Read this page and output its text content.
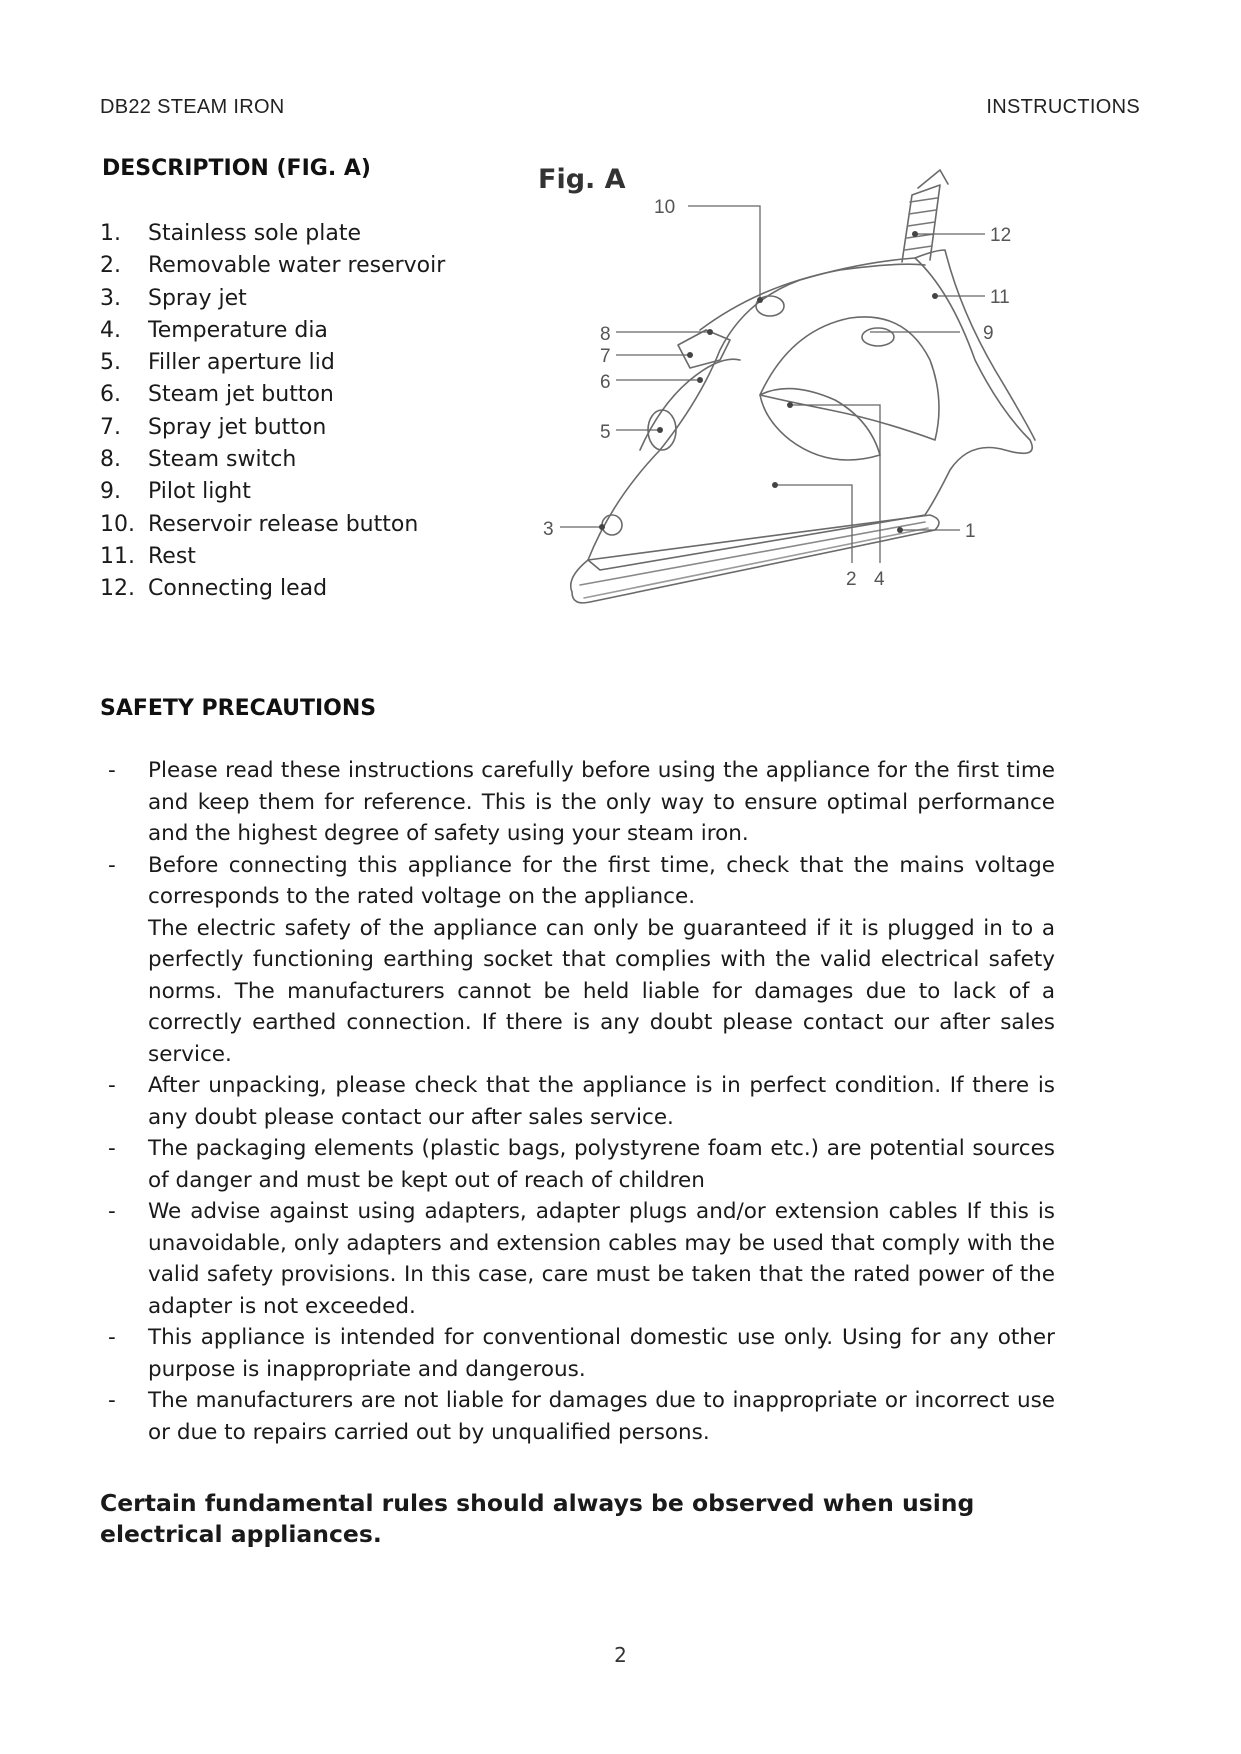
DB22 STEAM IRON	INSTRUCTIONS
DESCRIPTION (FIG. A)
1. Stainless sole plate
2. Removable water reservoir
3. Spray jet
4. Temperature dia
5. Filler aperture lid
6. Steam jet button
7. Spray jet button
8. Steam switch
9. Pilot light
10. Reservoir release button
11. Rest
12. Connecting lead
Fig. A
10
12
11
9
8
7
6
5
3	1
2 4
SAFETY PRECAUTIONS
- Please read these instructions carefully before using the appliance for the first time and keep them for reference. This is the only way to ensure optimal performance and the highest degree of safety using your steam iron.

- Before connecting this appliance for the first time, check that the mains voltage corresponds to the rated voltage on the appliance.

The electric safety of the appliance can only be guaranteed if it is plugged in to a perfectly functioning earthing socket that complies with the valid electrical safety norms. The manufacturers cannot be held liable for damages due to lack of a correctly earthed connection. If there is any doubt please contact our after sales service.

- After unpacking, please check that the appliance is in perfect condition. If there is any doubt please contact our after sales service.

- The packaging elements (plastic bags, polystyrene foam etc.) are potential sources of danger and must be kept out of reach of children

- We advise against using adapters, adapter plugs and/or extension cables If this is unavoidable, only adapters and extension cables may be used that comply with the valid safety provisions. In this case, care must be taken that the rated power of the adapter is not exceeded.

- This appliance is intended for conventional domestic use only. Using for any other purpose is inappropriate and dangerous.

- The manufacturers are not liable for damages due to inappropriate or incorrect use or due to repairs carried out by unqualified persons.

Certain fundamental rules should always be observed when using electrical appliances.
2
